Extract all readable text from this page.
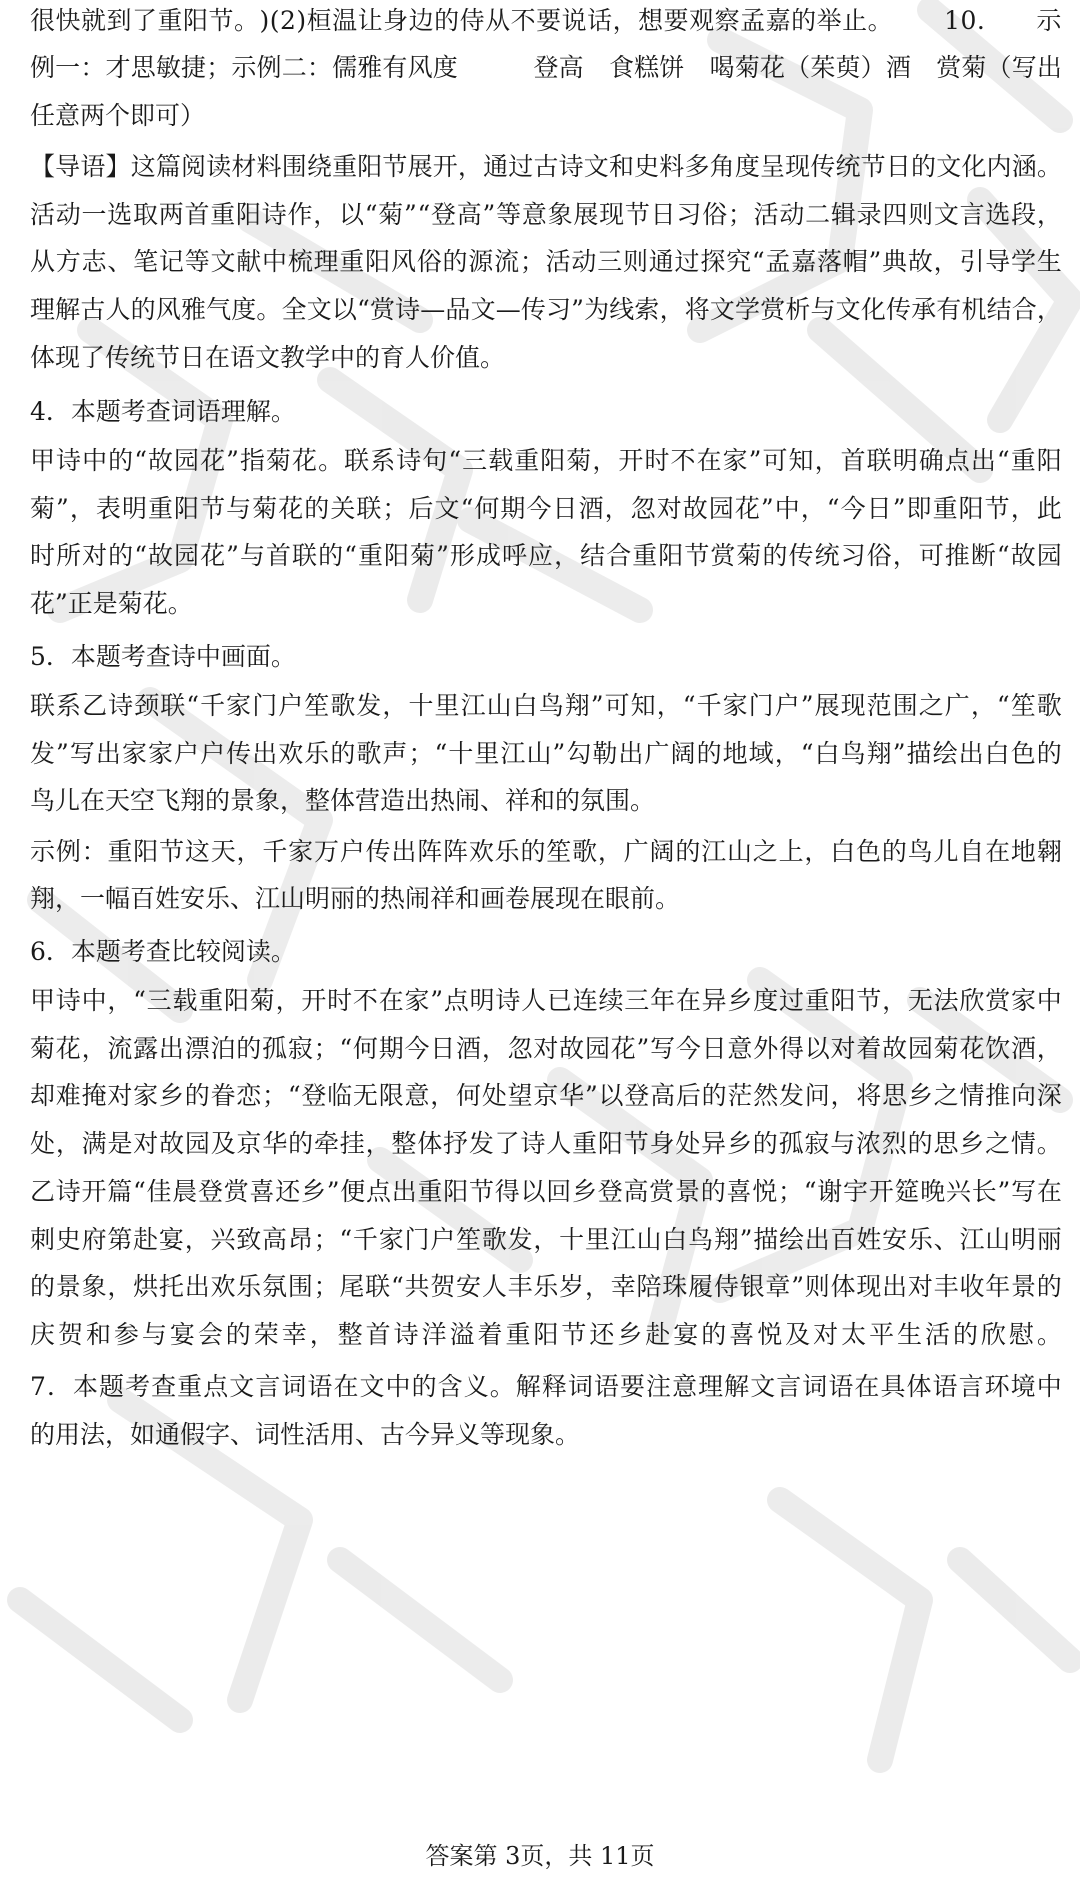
很 快 就 到 了 重 阳 节 。 ) ( 2 ) 桓 温 让 身 边 的 侍 从 不 要 说 话 ， 想 要 观 察 孟 嘉 的 举 止 。

　 1 0 .

　 示
例 一 ： 才 思 敏 捷 ； 示 例 二 ： 儒 雅 有 风 度

　	登 高
　 食 糕 饼
　 喝 菊 花 （ 茱 萸 ） 酒
　 赏 菊 （ 写 出
任意两个即可）
【 导 语 】 这 篇 阅 读 材 料 围 绕 重 阳 节 展 开 ， 通 过 古 诗 文 和 史 料 多 角 度 呈 现 传 统 节 日 的 文 化 内 涵 。
活 动 一 选 取 两 首 重 阳 诗 作 ， 以 “ 菊 ” “ 登 高 ” 等 意 象 展 现 节 日 习 俗 ； 活 动 二 辑 录 四 则 文 言 选 段 ，
从 方 志 、 笔 记 等 文 献 中 梳 理 重 阳 风 俗 的 源 流 ； 活 动 三 则 通 过 探 究 “ 孟 嘉 落 帽 ” 典 故 ， 引 导 学 生
理 解 古 人 的 风 雅 气 度 。 全 文 以 “ 赏 诗 — 品 文 — 传 习 ” 为 线 索 ， 将 文 学 赏 析 与 文 化 传 承 有 机 结 合 ，
体现了传统节日在语文教学中的育人价值。
4．本题考查词语理解。
甲 诗 中 的 “ 故 园 花 ” 指 菊 花 。 联 系 诗 句 “ 三 载 重 阳 菊 ， 开 时 不 在 家 ” 可 知 ， 首 联 明 确 点 出 “ 重 阳
菊 ” ， 表 明 重 阳 节 与 菊 花 的 关 联 ； 后 文 “ 何 期 今 日 酒 ， 忽 对 故 园 花 ” 中 ， “ 今 日 ” 即 重 阳 节 ， 此
时 所 对 的 “ 故 园 花 ” 与 首 联 的 “ 重 阳 菊 ” 形 成 呼 应 ， 结 合 重 阳 节 赏 菊 的 传 统 习 俗 ， 可 推 断 “ 故 园
花”正是菊花。
5．本题考查诗中画面。
联 系 乙 诗 颈 联 “ 千 家 门 户 笙 歌 发 ， 十 里 江 山 白 鸟 翔 ” 可 知 ， “ 千 家 门 户 ” 展 现 范 围 之 广 ， “ 笙 歌
发 ” 写 出 家 家 户 户 传 出 欢 乐 的 歌 声 ； “ 十 里 江 山 ” 勾 勒 出 广 阔 的 地 域 ， “ 白 鸟 翔 ” 描 绘 出 白 色 的
鸟儿在天空飞翔的景象，整体营造出热闹、祥和的氛围。
示 例 ： 重 阳 节 这 天 ， 千 家 万 户 传 出 阵 阵 欢 乐 的 笙 歌 ， 广 阔 的 江 山 之 上 ， 白 色 的 鸟 儿 自 在 地 翱
翔，一幅百姓安乐、江山明丽的热闹祥和画卷展现在眼前。
6．本题考查比较阅读。
甲 诗 中 ， “ 三 载 重 阳 菊 ， 开 时 不 在 家 ” 点 明 诗 人 已 连 续 三 年 在 异 乡 度 过 重 阳 节 ， 无 法 欣 赏 家 中
菊 花 ， 流 露 出 漂 泊 的 孤 寂 ； “ 何 期 今 日 酒 ， 忽 对 故 园 花 ” 写 今 日 意 外 得 以 对 着 故 园 菊 花 饮 酒 ，
却 难 掩 对 家 乡 的 眷 恋 ； “ 登 临 无 限 意 ， 何 处 望 京 华 ” 以 登 高 后 的 茫 然 发 问 ， 将 思 乡 之 情 推 向 深
处 ， 满 是 对 故 园 及 京 华 的 牵 挂 ， 整 体 抒 发 了 诗 人 重 阳 节 身 处 异 乡 的 孤 寂 与 浓 烈 的 思 乡 之 情 。
乙 诗 开 篇 “ 佳 晨 登 赏 喜 还 乡 ” 便 点 出 重 阳 节 得 以 回 乡 登 高 赏 景 的 喜 悦 ； “ 谢 宇 开 筵 晚 兴 长 ” 写 在
刺 史 府 第 赴 宴 ， 兴 致 高 昂 ； “ 千 家 门 户 笙 歌 发 ， 十 里 江 山 白 鸟 翔 ” 描 绘 出 百 姓 安 乐 、 江 山 明 丽
的 景 象 ， 烘 托 出 欢 乐 氛 围 ； 尾 联 “ 共 贺 安 人 丰 乐 岁 ， 幸 陪 珠 履 侍 银 章 ” 则 体 现 出 对 丰 收 年 景 的
庆 贺 和 参 与 宴 会 的 荣 幸 ， 整 首 诗 洋 溢 着 重 阳 节 还 乡 赴 宴 的 喜 悦 及 对 太 平 生 活 的 欣 慰 。
7 ． 本 题 考 查 重 点 文 言 词 语 在 文 中 的 含 义 。 解 释 词 语 要 注 意 理 解 文 言 词 语 在 具 体 语 言 环 境 中
的用法，如通假字、词性活用、古今异义等现象。
答案第 3页，共 11页
